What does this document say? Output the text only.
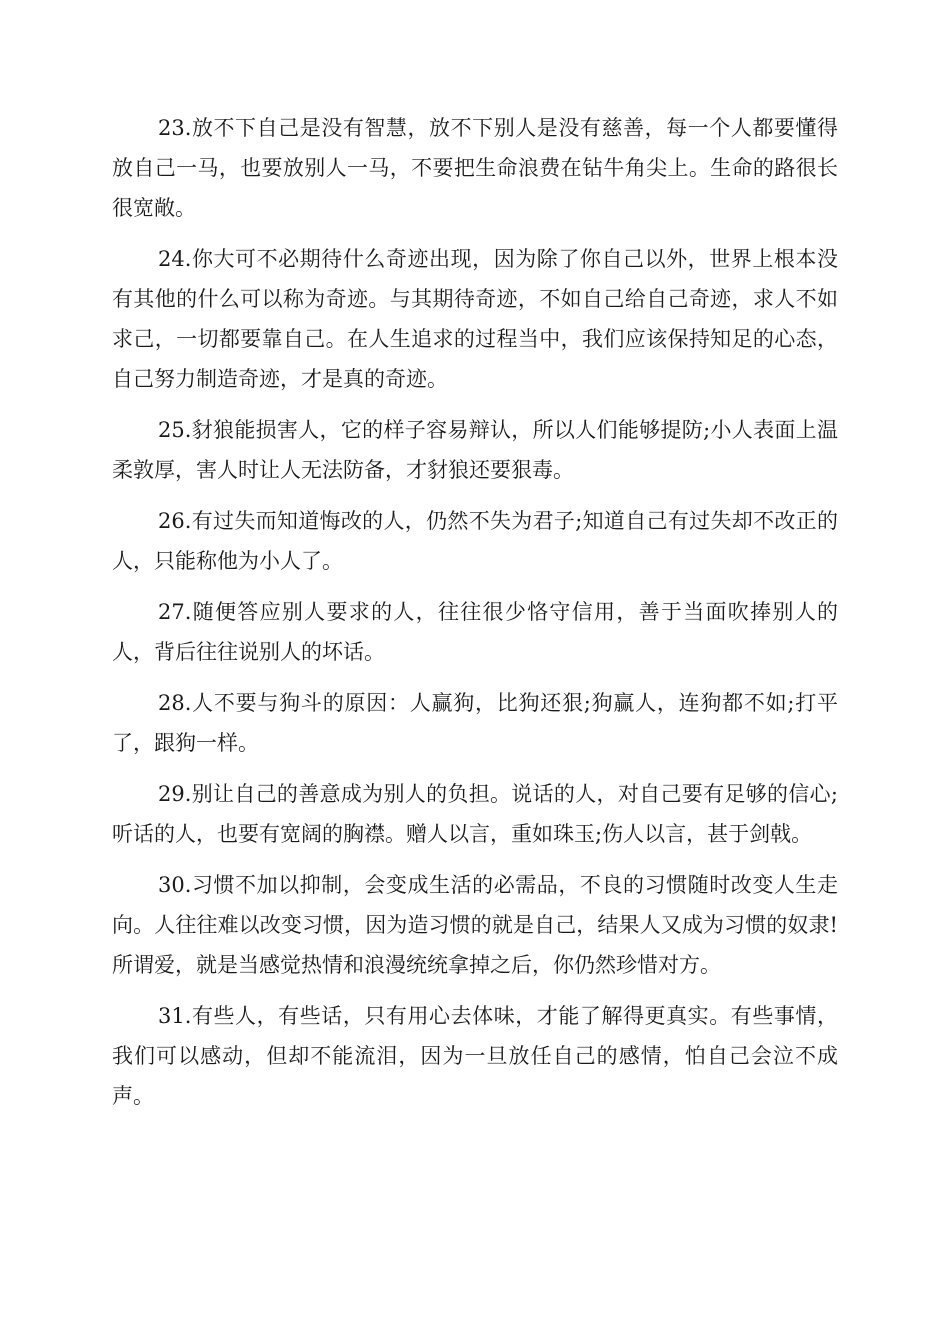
23.放不下自己是没有智慧，放不下别人是没有慈善，每一个人都要懂得放自己一马，也要放别人一马，不要把生命浪费在钻牛角尖上。生命的路很长很宽敞。

24.你大可不必期待什么奇迹出现，因为除了你自己以外，世界上根本没有其他的什么可以称为奇迹。与其期待奇迹，不如自己给自己奇迹，求人不如求己，一切都要靠自己。在人生追求的过程当中，我们应该保持知足的心态，自己努力制造奇迹，才是真的奇迹。

25.豺狼能损害人，它的样子容易辩认，所以人们能够提防;小人表面上温柔敦厚，害人时让人无法防备，才豺狼还要狠毒。

26.有过失而知道悔改的人，仍然不失为君子;知道自己有过失却不改正的人，只能称他为小人了。

27.随便答应别人要求的人，往往很少恪守信用，善于当面吹捧别人的人，背后往往说别人的坏话。

28.人不要与狗斗的原因：人赢狗，比狗还狠;狗赢人，连狗都不如;打平了，跟狗一样。

29.别让自己的善意成为别人的负担。说话的人，对自己要有足够的信心;听话的人，也要有宽阔的胸襟。赠人以言，重如珠玉;伤人以言，甚于剑戟。

30.习惯不加以抑制，会变成生活的必需品，不良的习惯随时改变人生走向。人往往难以改变习惯，因为造习惯的就是自己，结果人又成为习惯的奴隶!所谓爱，就是当感觉热情和浪漫统统拿掉之后，你仍然珍惜对方。

31.有些人，有些话，只有用心去体味，才能了解得更真实。有些事情，我们可以感动，但却不能流泪，因为一旦放任自己的感情，怕自己会泣不成声。
